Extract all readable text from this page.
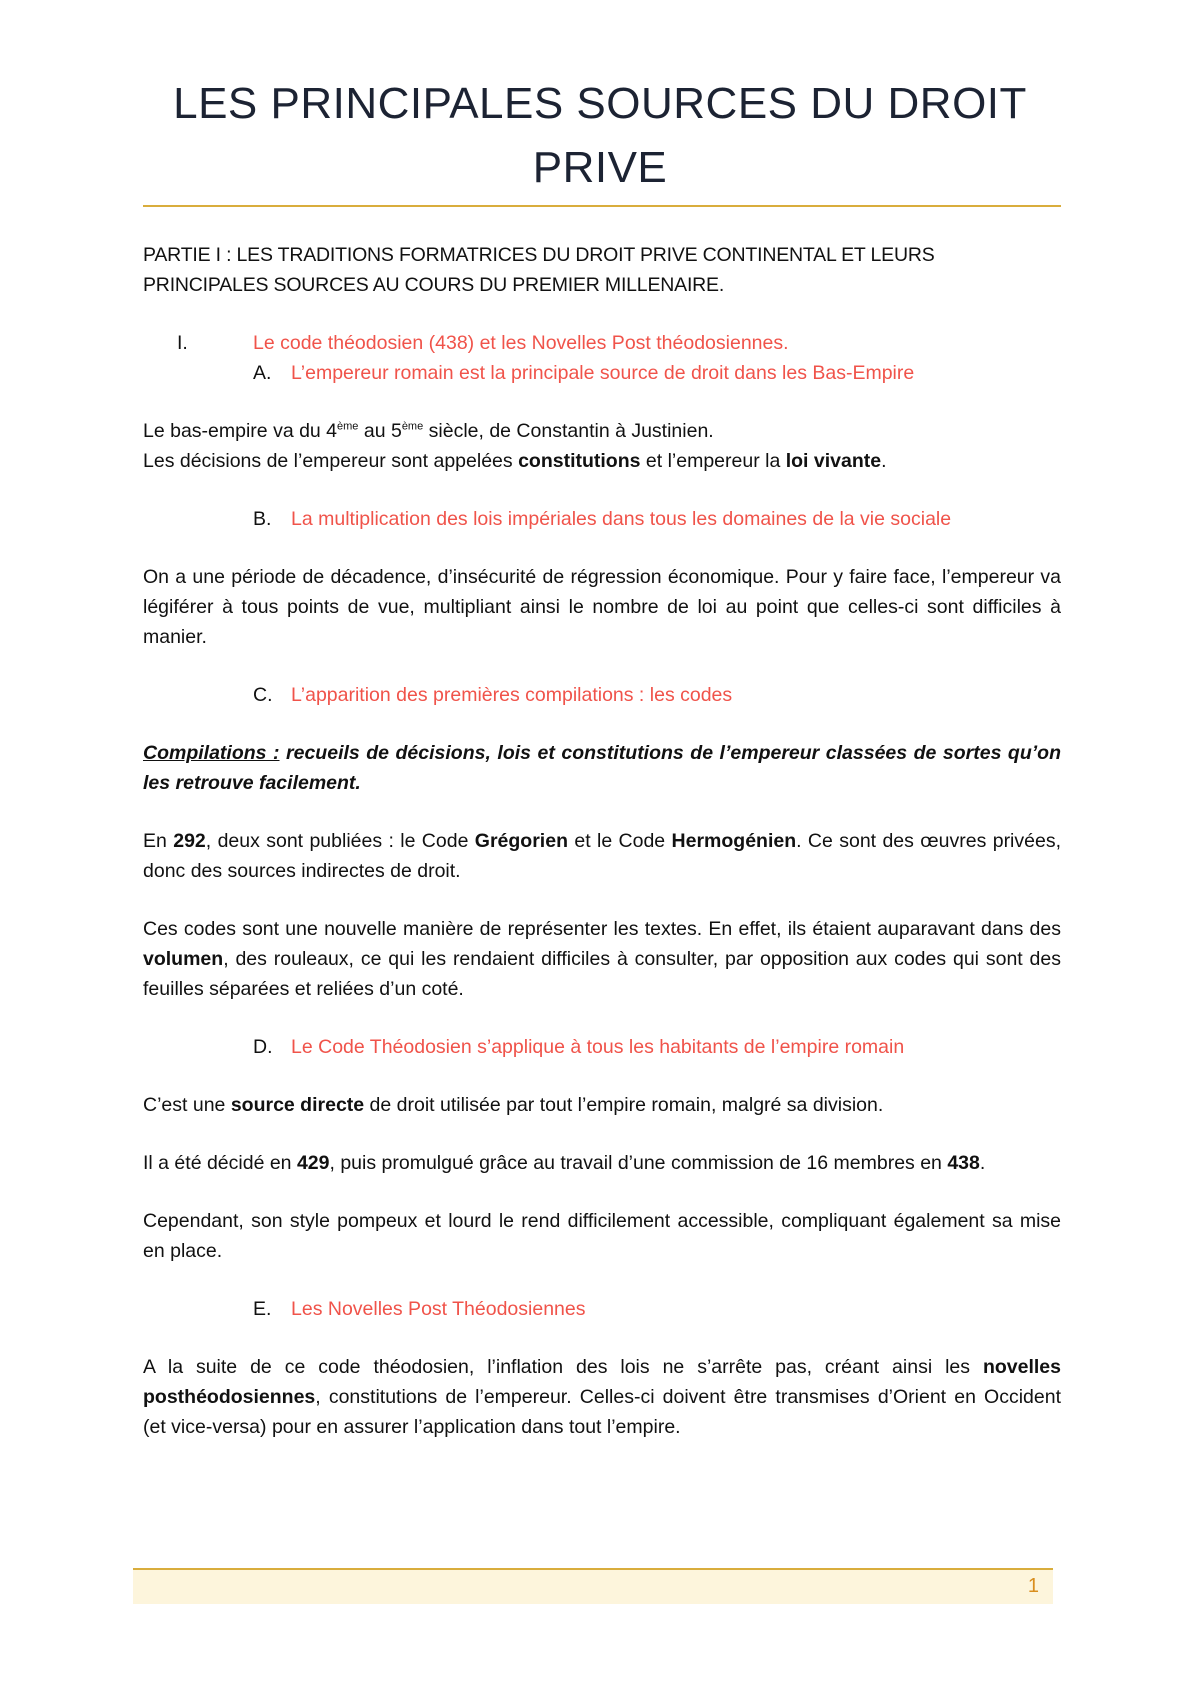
LES PRINCIPALES SOURCES DU DROIT PRIVE

PARTIE I : LES TRADITIONS FORMATRICES DU DROIT PRIVE CONTINENTAL ET LEURS PRINCIPALES SOURCES AU COURS DU PREMIER MILLENAIRE.

I.	Le code théodosien (438) et les Novelles Post théodosiennes.

A. L’empereur romain est la principale source de droit dans les Bas-Empire

Le bas-empire va du 4ème au 5ème siècle, de Constantin à Justinien.

Les décisions de l’empereur sont appelées constitutions et l’empereur la loi vivante.

B. La multiplication des lois impériales dans tous les domaines de la vie sociale

On a une période de décadence, d’insécurité de régression économique. Pour y faire face, l’empereur va légiférer à tous points de vue, multipliant ainsi le nombre de loi au point que celles-ci sont difficiles à manier.

C. L’apparition des premières compilations : les codes

Compilations : recueils de décisions, lois et constitutions de l’empereur classées de sortes qu’on les retrouve facilement.

En 292, deux sont publiées : le Code Grégorien et le Code Hermogénien. Ce sont des œuvres privées, donc des sources indirectes de droit.

Ces codes sont une nouvelle manière de représenter les textes. En effet, ils étaient auparavant dans des volumen, des rouleaux, ce qui les rendaient difficiles à consulter, par opposition aux codes qui sont des feuilles séparées et reliées d’un coté.

D. Le Code Théodosien s’applique à tous les habitants de l’empire romain

C’est une source directe de droit utilisée par tout l’empire romain, malgré sa division.

Il a été décidé en 429, puis promulgué grâce au travail d’une commission de 16 membres en 438.

Cependant, son style pompeux et lourd le rend difficilement accessible, compliquant également sa mise en place.

E. Les Novelles Post Théodosiennes

A la suite de ce code théodosien, l’inflation des lois ne s’arrête pas, créant ainsi les novelles posthéodosiennes, constitutions de l’empereur. Celles-ci doivent être transmises d’Orient en Occident (et vice-versa) pour en assurer l’application dans tout l’empire.

1
